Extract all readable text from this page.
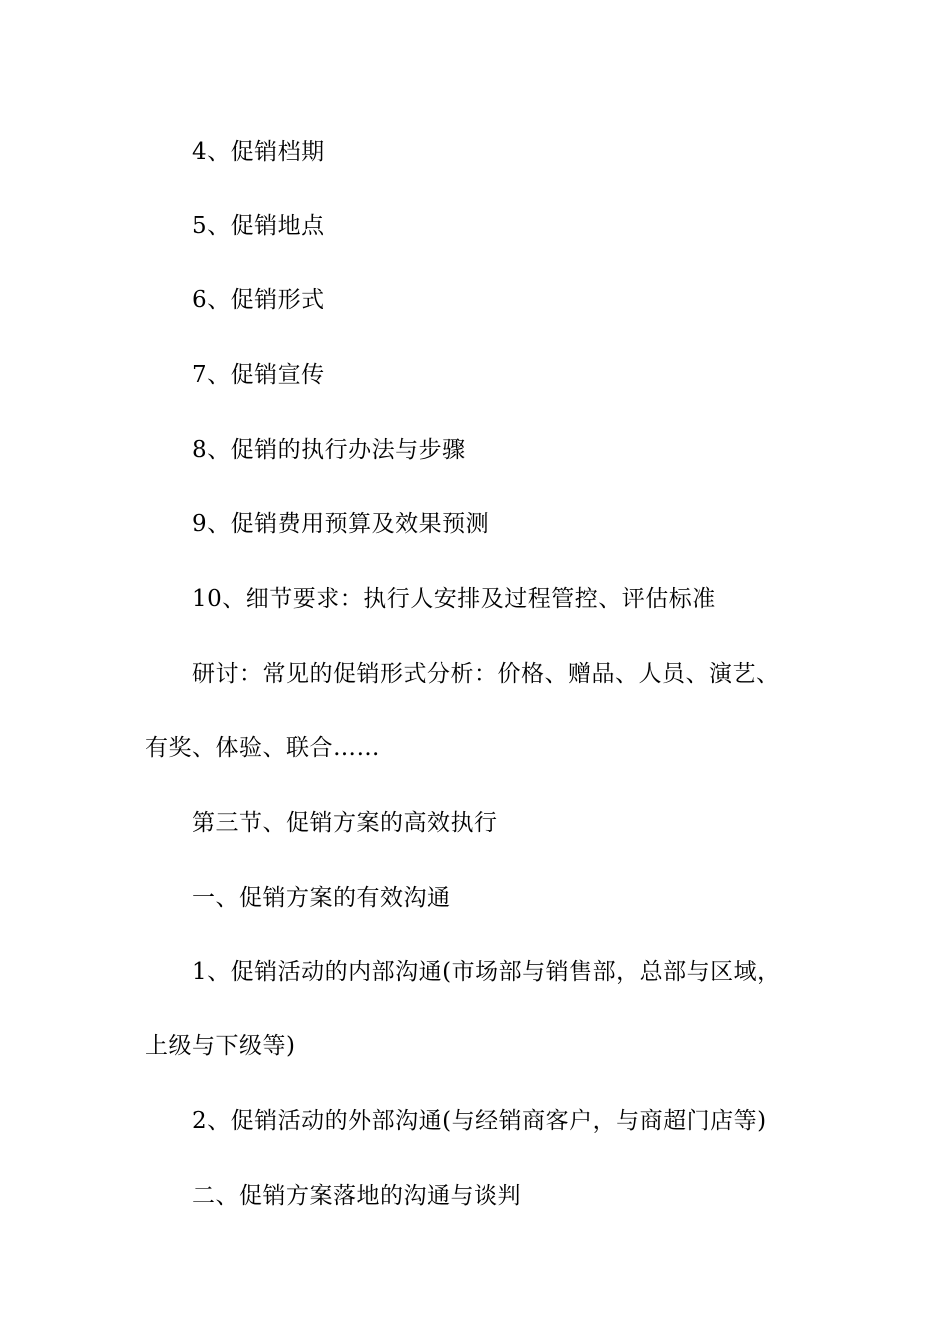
4、促销档期
5、促销地点
6、促销形式
7、促销宣传
8、促销的执行办法与步骤
9、促销费用预算及效果预测
10、细节要求：执行人安排及过程管控、评估标准
研讨：常见的促销形式分析：价格、赠品、人员、演艺、
有奖、体验、联合……
第三节、促销方案的高效执行
一、促销方案的有效沟通
1、促销活动的内部沟通(市场部与销售部，总部与区域，
上级与下级等)
2、促销活动的外部沟通(与经销商客户，与商超门店等)
二、促销方案落地的沟通与谈判
